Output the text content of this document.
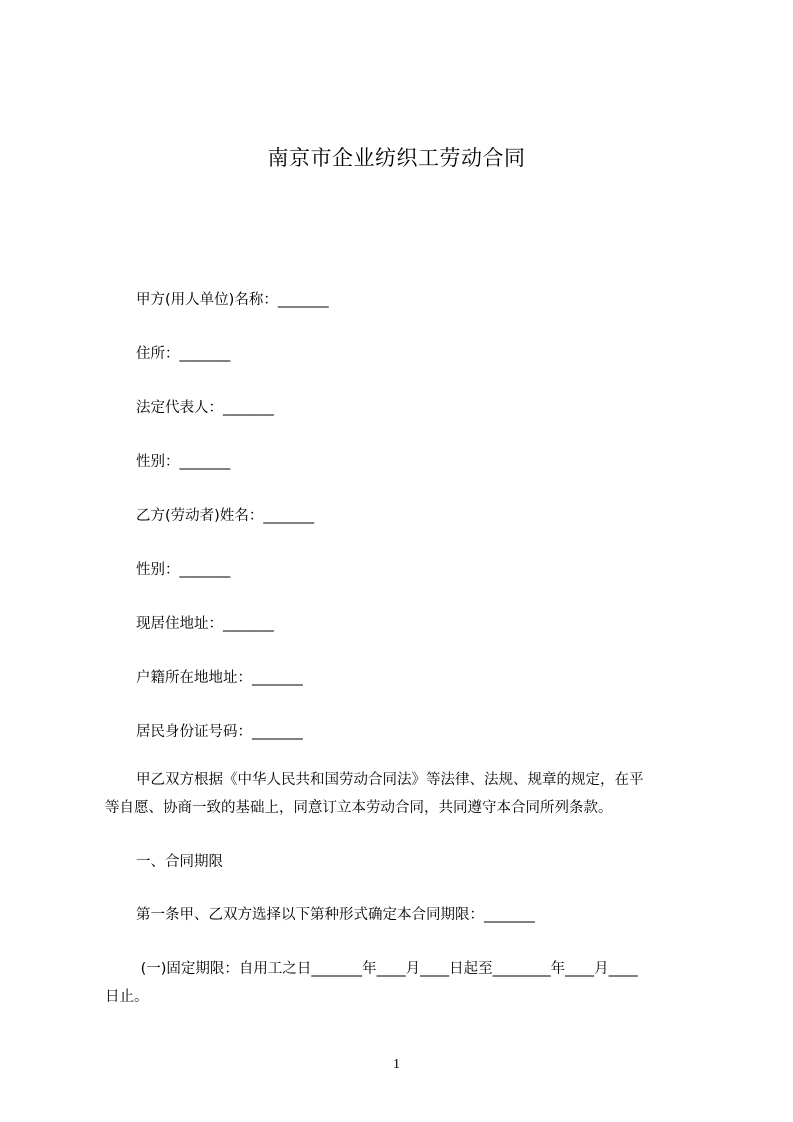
南京市企业纺织工劳动合同
甲方(用人单位)名称：_______
住所：_______
法定代表人：_______
性别：_______
乙方(劳动者)姓名：_______
性别：_______
现居住地址：_______
户籍所在地地址：_______
居民身份证号码：_______
甲乙双方根据《中华人民共和国劳动合同法》等法律、法规、规章的规定，在平
等自愿、协商一致的基础上，同意订立本劳动合同，共同遵守本合同所列条款。
一、合同期限
第一条甲、乙双方选择以下第种形式确定本合同期限：_______
(一)固定期限：自用工之日_______年____月____日起至________年____月____
日止。
1
